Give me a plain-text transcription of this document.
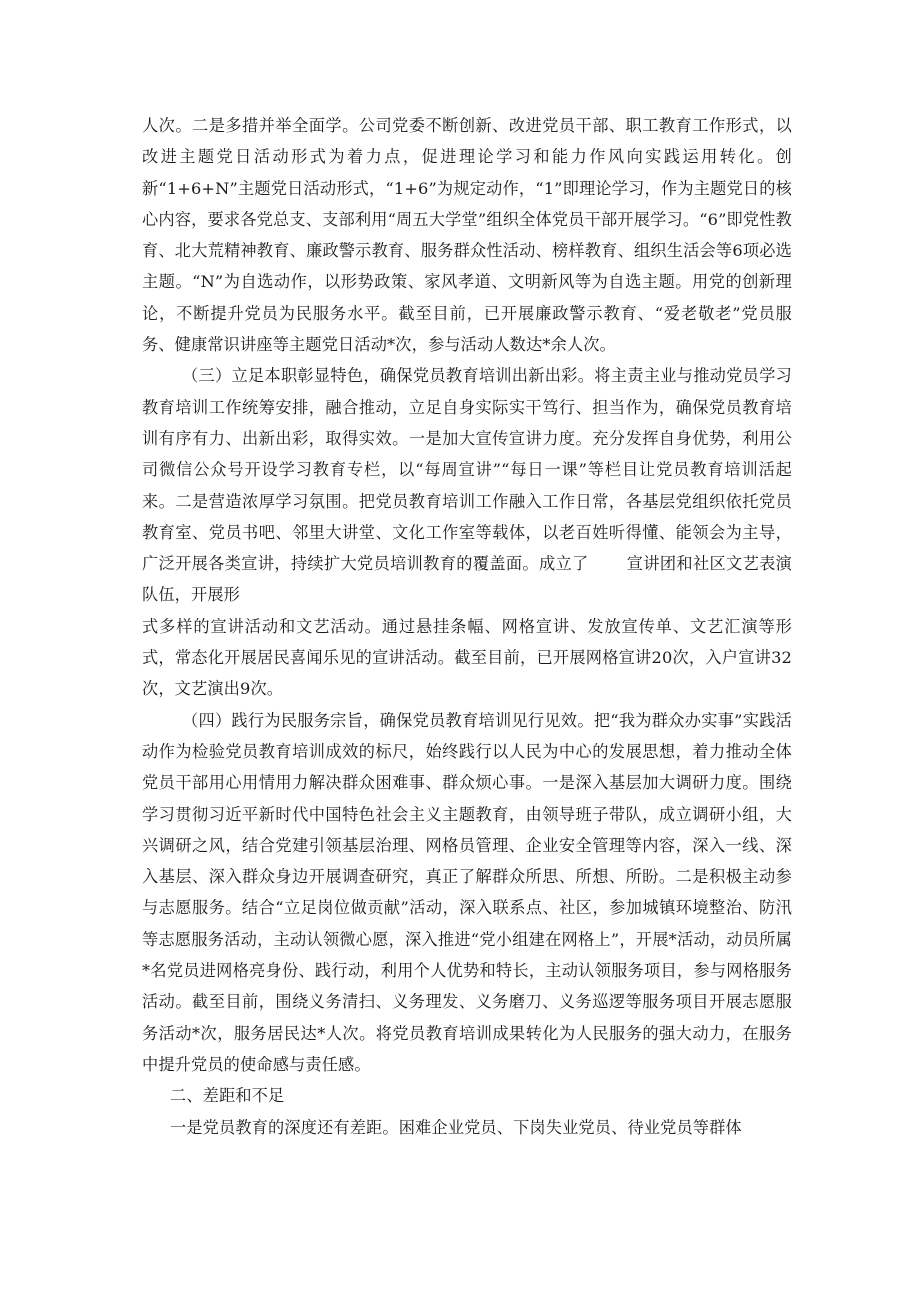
人次。二是多措并举全面学。公司党委不断创新、改进党员干部、职工教育工作形式，以改进主题党日活动形式为着力点，促进理论学习和能力作风向实践运用转化。创新“1+6+N”主题党日活动形式，“1+6”为规定动作，“1”即理论学习，作为主题党日的核心内容，要求各党总支、支部利用“周五大学堂”组织全体党员干部开展学习。“6”即党性教育、北大荒精神教育、廉政警示教育、服务群众性活动、榜样教育、组织生活会等6项必选主题。“N”为自选动作，以形势政策、家风孝道、文明新风等为自选主题。用党的创新理论，不断提升党员为民服务水平。截至目前，已开展廉政警示教育、“爱老敬老”党员服务、健康常识讲座等主题党日活动*次，参与活动人数达*余人次。

（三）立足本职彰显特色，确保党员教育培训出新出彩。将主责主业与推动党员学习教育培训工作统筹安排，融合推动，立足自身实际实干笃行、担当作为，确保党员教育培训有序有力、出新出彩，取得实效。一是加大宣传宣讲力度。充分发挥自身优势，利用公司微信公众号开设学习教育专栏，以“每周宣讲”“每日一课”等栏目让党员教育培训活起来。二是营造浓厚学习氛围。把党员教育培训工作融入工作日常，各基层党组织依托党员教育室、党员书吧、邻里大讲堂、文化工作室等载体，以老百姓听得懂、能领会为主导，广泛开展各类宣讲，持续扩大党员培训教育的覆盖面。成立了 宣讲团和社区文艺表演队伍，开展形

式多样的宣讲活动和文艺活动。通过悬挂条幅、网格宣讲、发放宣传单、文艺汇演等形式，常态化开展居民喜闻乐见的宣讲活动。截至目前，已开展网格宣讲20次，入户宣讲32次，文艺演出9次。

（四）践行为民服务宗旨，确保党员教育培训见行见效。把“我为群众办实事”实践活动作为检验党员教育培训成效的标尺，始终践行以人民为中心的发展思想，着力推动全体党员干部用心用情用力解决群众困难事、群众烦心事。一是深入基层加大调研力度。围绕学习贯彻习近平新时代中国特色社会主义主题教育，由领导班子带队，成立调研小组，大兴调研之风，结合党建引领基层治理、网格员管理、企业安全管理等内容，深入一线、深入基层、深入群众身边开展调查研究，真正了解群众所思、所想、所盼。二是积极主动参与志愿服务。结合“立足岗位做贡献”活动，深入联系点、社区，参加城镇环境整治、防汛等志愿服务活动，主动认领微心愿，深入推进“党小组建在网格上”，开展*活动，动员所属*名党员进网格亮身份、践行动，利用个人优势和特长，主动认领服务项目，参与网格服务活动。截至目前，围绕义务清扫、义务理发、义务磨刀、义务巡逻等服务项目开展志愿服务活动*次，服务居民达*人次。将党员教育培训成果转化为人民服务的强大动力，在服务中提升党员的使命感与责任感。

二、差距和不足

一是党员教育的深度还有差距。困难企业党员、下岗失业党员、待业党员等群体
